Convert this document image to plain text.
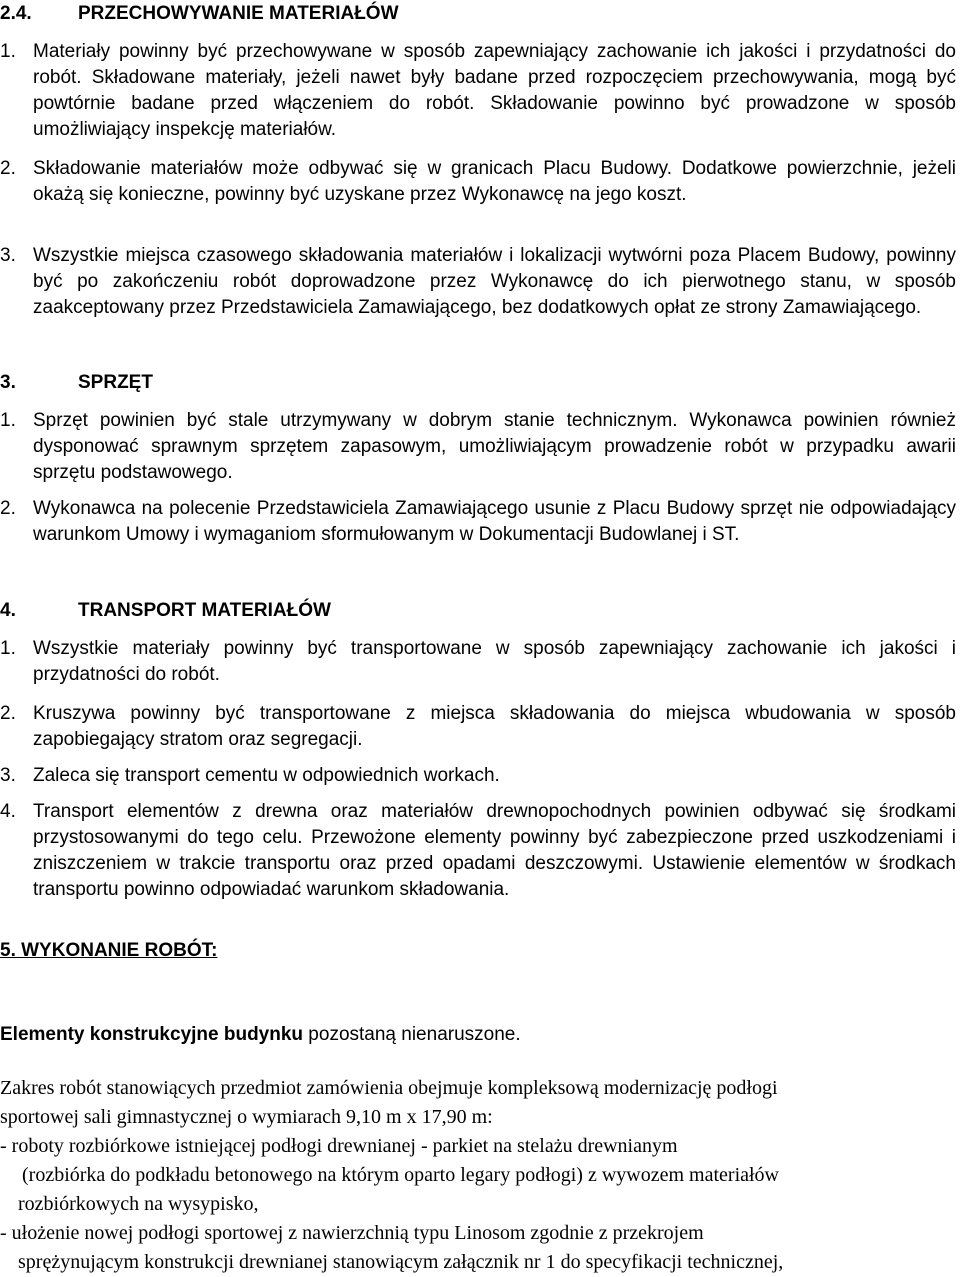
2.4. PRZECHOWYWANIE MATERIAŁÓW
1. Materiały powinny być przechowywane w sposób zapewniający zachowanie ich jakości i przydatności do robót. Składowane materiały, jeżeli nawet były badane przed rozpoczęciem przechowywania, mogą być powtórnie badane przed włączeniem do robót. Składowanie powinno być prowadzone w sposób umożliwiający inspekcję materiałów.
2. Składowanie materiałów może odbywać się w granicach Placu Budowy. Dodatkowe powierzchnie, jeżeli okażą się konieczne, powinny być uzyskane przez Wykonawcę na jego koszt.
3. Wszystkie miejsca czasowego składowania materiałów i lokalizacji wytwórni poza Placem Budowy, powinny być po zakończeniu robót doprowadzone przez Wykonawcę do ich pierwotnego stanu, w sposób zaakceptowany przez Przedstawiciela Zamawiającego, bez dodatkowych opłat ze strony Zamawiającego.
3.	SPRZĘT
1. Sprzęt powinien być stale utrzymywany w dobrym stanie technicznym. Wykonawca powinien również dysponować sprawnym sprzętem zapasowym, umożliwiającym prowadzenie robót w przypadku awarii sprzętu podstawowego.
2. Wykonawca na polecenie Przedstawiciela Zamawiającego usunie z Placu Budowy sprzęt nie odpowiadający warunkom Umowy i wymaganiom sformułowanym w Dokumentacji Budowlanej i ST.
4.	TRANSPORT MATERIAŁÓW
1. Wszystkie materiały powinny być transportowane w sposób zapewniający zachowanie ich jakości i przydatności do robót.
2. Kruszywa powinny być transportowane z miejsca składowania do miejsca wbudowania w sposób zapobiegający stratom oraz segregacji.
3. Zaleca się transport cementu w odpowiednich workach.
4. Transport elementów z drewna oraz materiałów drewnopochodnych powinien odbywać się środkami przystosowanymi do tego celu. Przewożone elementy powinny być zabezpieczone przed uszkodzeniami i zniszczeniem w trakcie transportu oraz przed opadami deszczowymi. Ustawienie elementów w środkach transportu powinno odpowiadać warunkom składowania.
5. WYKONANIE ROBÓT:
Elementy konstrukcyjne budynku pozostaną nienaruszone.
Zakres robót stanowiących przedmiot zamówienia obejmuje kompleksową modernizację podłogi
sportowej sali gimnastycznej o wymiarach 9,10 m x 17,90 m:
- roboty rozbiórkowe istniejącej podłogi drewnianej - parkiet na stelażu drewnianym
(rozbiórka do podkładu betonowego na którym oparto legary podłogi) z wywozem materiałów
rozbiórkowych na wysypisko,
- ułożenie nowej podłogi sportowej z nawierzchnią typu Linosom zgodnie z przekrojem
sprężynującym konstrukcji drewnianej stanowiącym załącznik nr 1 do specyfikacji technicznej,
